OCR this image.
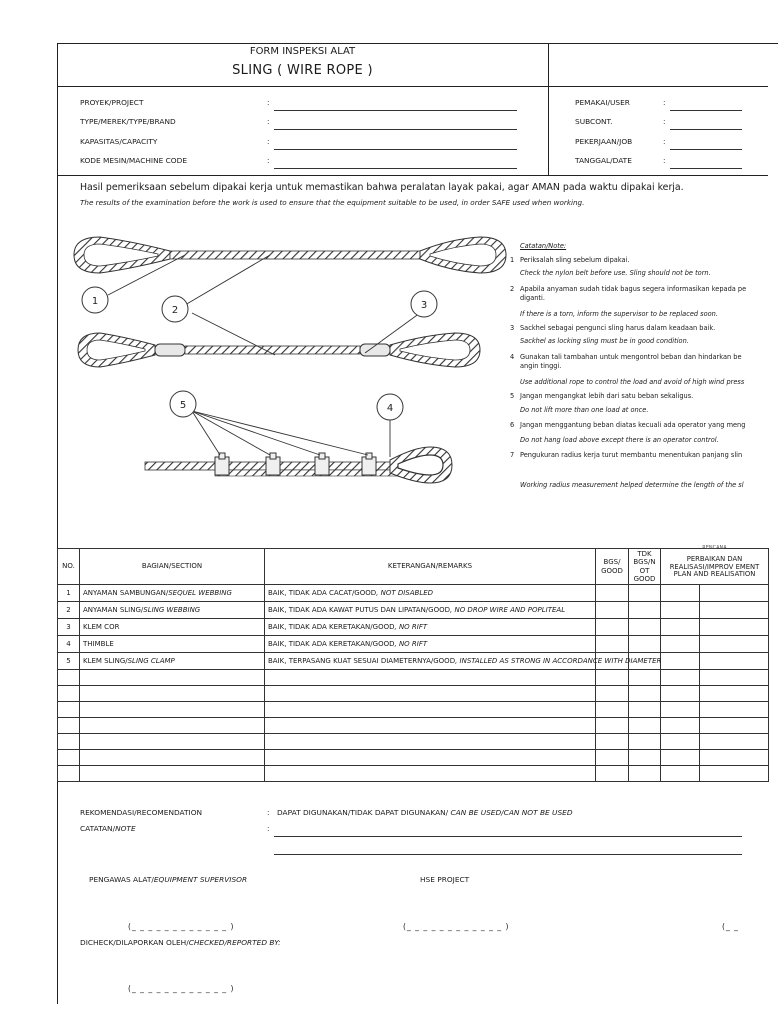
FORM INSPEKSI ALAT
SLING ( WIRE ROPE )
PROYEK/PROJECT	:
TYPE/MEREK/TYPE/BRAND	:
KAPASITAS/CAPACITY	:
KODE MESIN/MACHINE CODE	:
PEMAKAI/USER	:
SUBCONT.	:
PEKERJAAN/JOB	:
TANGGAL/DATE	:
Hasil pemeriksaan sebelum dipakai kerja untuk memastikan bahwa peralatan layak pakai, agar AMAN pada waktu dipakai kerja.
The results of the examination before the work is used to ensure that the equipment suitable to be used, in order SAFE used when working.
1
2	3
4
5
Catatan/Note:
1 Periksalah sling sebelum dipakai.
Check the nylon belt before use. Sling should not be torn.
2 Apabila anyaman sudah tidak bagus segera informasikan kepada pe
diganti.
If there is a torn, inform the supervisor to be replaced soon.
3 Sackhel sebagai pengunci sling harus dalam keadaan baik.
Sackhel as locking sling must be in good condition.
4 Gunakan tali tambahan untuk mengontrol beban dan hindarkan be
angin tinggi.
Use additional rope to control the load and avoid of high wind press
5 Jangan mengangkat lebih dari satu beban sekaligus.
Do not lift more than one load at once.
6 Jangan menggantung beban diatas kecuali ada operator yang meng
Do not hang load above except there is an operator control.
7 Pengukuran radius kerja turut membantu menentukan panjang slin
Working radius measurement helped determine the length of the sl
NO.	BAGIAN/SECTION	KETERANGAN/REMARKS	BGS/ GOOD	TDK BGS/N OT GOOD	RENCANA
PERBAIKAN DAN REALISASI/IMPROV EMENT PLAN AND REALISATION	

1	ANYAMAN SAMBUNGAN/SEQUEL WEBBING	BAIK, TIDAK ADA CACAT/GOOD, NOT DISABLED				
2	ANYAMAN SLING/SLING WEBBING	BAIK, TIDAK ADA KAWAT PUTUS DAN LIPATAN/GOOD, NO DROP WIRE AND POPLITEAL				
3	KLEM COR	BAIK, TIDAK ADA KERETAKAN/GOOD, NO RIFT				
4	THIMBLE	BAIK, TIDAK ADA KERETAKAN/GOOD, NO RIFT				
5	KLEM SLING/SLING CLAMP	BAIK, TERPASANG KUAT SESUAI DIAMETERNYA/GOOD, INSTALLED AS STRONG IN ACCORDANCE WITH DIAMETER				

REKOMENDASI/RECOMENDATION	: DAPAT DIGUNAKAN/TIDAK DAPAT DIGUNAKAN/ CAN BE USED/CAN NOT BE USED
CATATAN/NOTE	:
PENGAWAS ALAT/EQUIPMENT SUPERVISOR	HSE PROJECT
(_ _ _ _ _ _ _ _ _ _ _ _ )	(_ _ _ _ _ _ _ _ _ _ _ _ )	(_ _
DICHECK/DILAPORKAN OLEH/CHECKED/REPORTED BY:
(_ _ _ _ _ _ _ _ _ _ _ _ )
